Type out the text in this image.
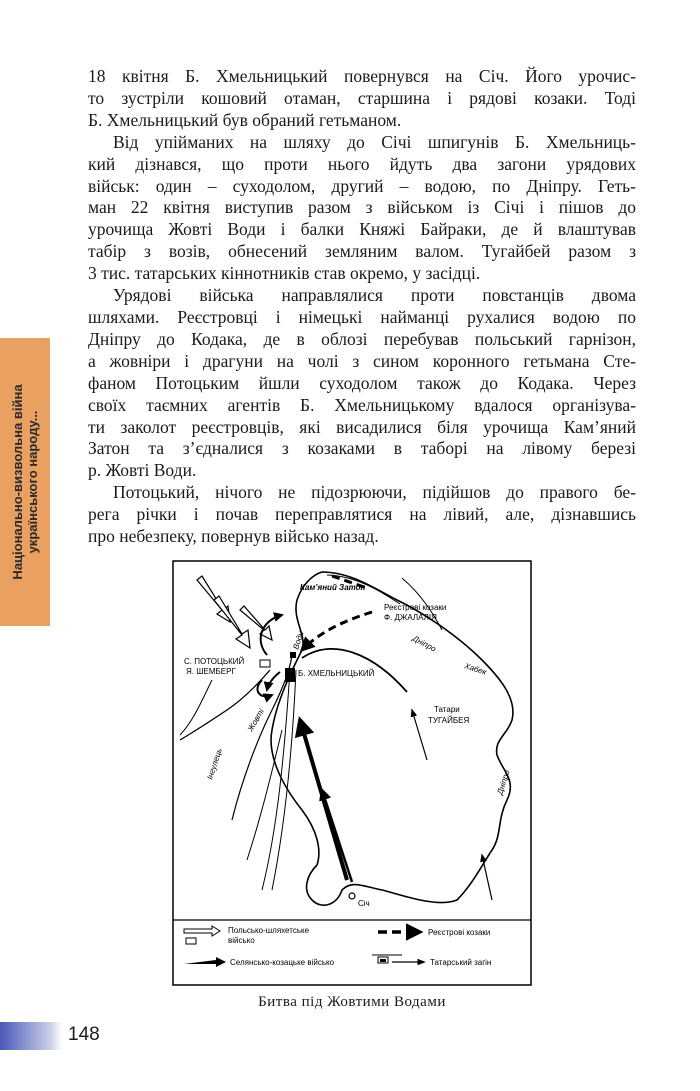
Національно-визвольна війна українського народу...
18 квітня Б. Хмельницький повернувся на Січ. Його урочис-
то зустріли кошовий отаман, старшина і рядові козаки. Тоді
Б. Хмельницький був обраний гетьманом.
Від упійманих на шляху до Січі шпигунів Б. Хмельниць-
кий дізнався, що проти нього йдуть два загони урядових
військ: один – суходолом, другий – водою, по Дніпру. Геть-
ман 22 квітня виступив разом з військом із Січі і пішов до
урочища Жовті Води і балки Княжі Байраки, де й влаштував
табір з возів, обнесений земляним валом. Тугайбей разом з
3 тис. татарських кіннотників став окремо, у засідці.
Урядові війська направлялися проти повстанців двома
шляхами. Реєстровці і німецькі найманці рухалися водою по
Дніпру до Кодака, де в облозі перебував польський гарнізон,
а жовніри і драгуни на чолі з сином коронного гетьмана Сте-
фаном Потоцьким йшли суходолом також до Кодака. Через
своїх таємних агентів Б. Хмельницькому вдалося організува-
ти заколот реєстровців, які висадилися біля урочища Кам’яний
Затон та з’єдналися з козаками в таборі на лівому березі
р. Жовті Води.
Потоцький, нічого не підозрюючи, підійшов до правого бе-
рега річки і почав переправлятися на лівий, але, дізнавшись
про небезпеку, повернув військо назад.
Кам’яний Затон
Реєстрові козаки
Ф. ДЖАЛАЛІЯ
Дніпро
Хабек
С. ПОТОЦЬКИЙ
Я. ШЕМБЕРГ	Б. ХМЕЛЬНИЦЬКИЙ
Татари
ТУГАЙБЕЯ
Жовті
Води
Інгулець
Дніпро
Січ
Польсько-шляхетське
військо
Реєстрові козаки
Селянсько-козацьке військо	Татарський загін
Битва під Жовтими Водами
148
